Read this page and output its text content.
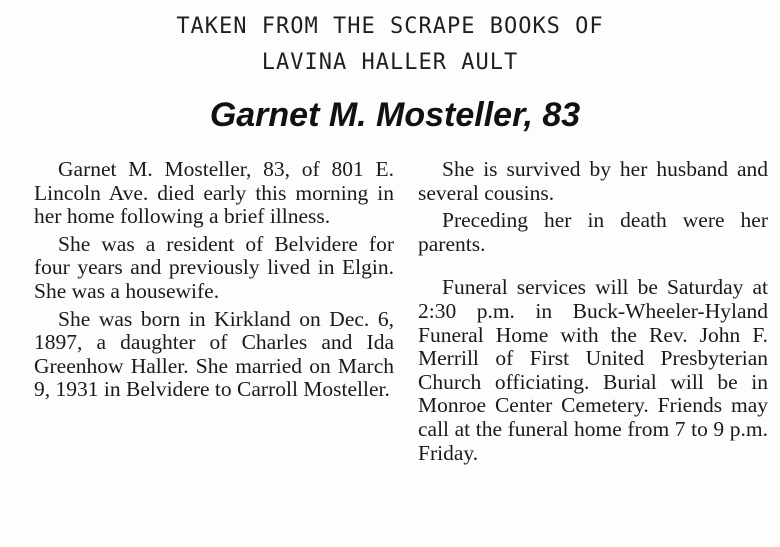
TAKEN FROM THE SCRAPE BOOKS OF
LAVINA HALLER AULT
Garnet M. Mosteller, 83

Garnet M. Mosteller, 83, of 801 E. Lincoln Ave. died early this morning in her home following a brief illness.

She was a resident of Belvidere for four years and previously lived in Elgin. She was a housewife.

She was born in Kirkland on Dec. 6, 1897, a daughter of Charles and Ida Greenhow Haller. She married on March 9, 1931 in Belvidere to Carroll Mosteller.

She is survived by her husband and several cousins.

Preceding her in death were her parents.

Funeral services will be Saturday at 2:30 p.m. in Buck-Wheeler-Hyland Funeral Home with the Rev. John F. Merrill of First United Presbyterian Church officiating. Burial will be in Monroe Center Cemetery. Friends may call at the funeral home from 7 to 9 p.m. Friday.
